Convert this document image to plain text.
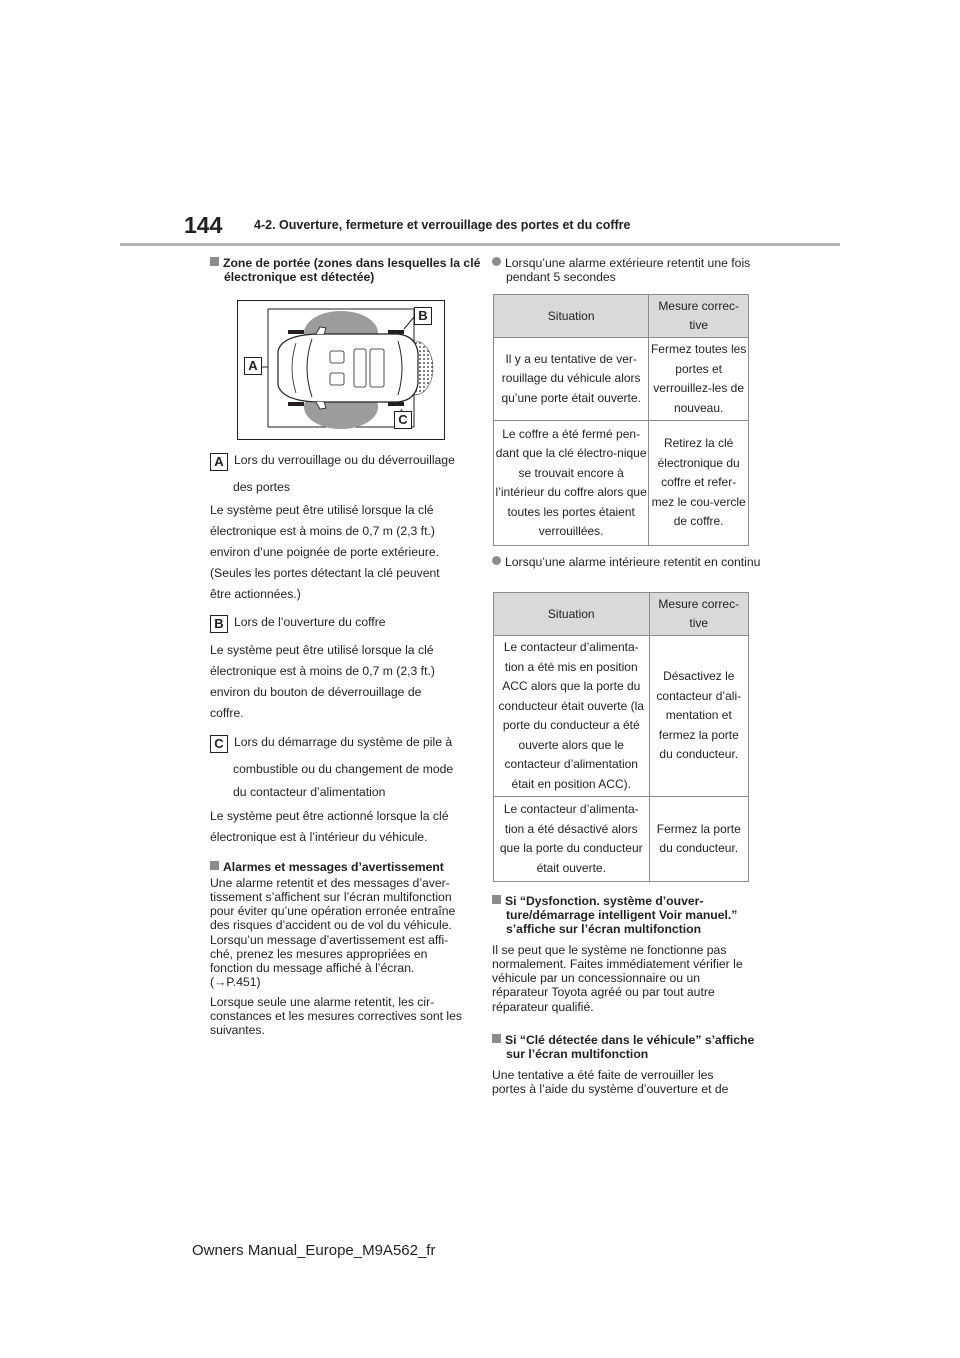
144	4-2. Ouverture, fermeture et verrouillage des portes et du coffre
Zone de portée (zones dans lesquelles la clé électronique est détectée)
A
B
C

A Lors du verrouillage ou du déverrouillage

des portes

Le système peut être utilisé lorsque la clé

électronique est à moins de 0,7 m (2,3 ft.)

environ d’une poignée de porte extérieure.

(Seules les portes détectant la clé peuvent

être actionnées.)

B Lors de l’ouverture du coffre

Le système peut être utilisé lorsque la clé

électronique est à moins de 0,7 m (2,3 ft.)

environ du bouton de déverrouillage de

coffre.

C Lors du démarrage du système de pile à

combustible ou du changement de mode

du contacteur d’alimentation

Le système peut être actionné lorsque la clé

électronique est à l’intérieur du véhicule.

Alarmes et messages d’avertissement
Une alarme retentit et des messages d’aver-tissement s’affichent sur l’écran multifonction pour éviter qu’une opération erronée entraîne des risques d’accident ou de vol du véhicule. Lorsqu’un message d’avertissement est affi-ché, prenez les mesures appropriées en fonction du message affiché à l’écran.
(→P.451)
Lorsque seule une alarme retentit, les cir-constances et les mesures correctives sont les suivantes.
Lorsqu’une alarme extérieure retentit une fois pendant 5 secondes
Situation	Mesure correc-tive
Il y a eu tentative de ver-rouillage du véhicule alors qu’une porte était ouverte.	Fermez toutes les portes et verrouillez-les de nouveau.
Le coffre a été fermé pen-dant que la clé électro-nique se trouvait encore à l’intérieur du coffre alors que toutes les portes étaient verrouillées.	Retirez la clé électronique du coffre et refer-mez le cou-vercle de coffre.
Lorsqu’une alarme intérieure retentit en continu
Situation	Mesure correc-tive
Le contacteur d’alimenta-tion a été mis en position ACC alors que la porte du conducteur était ouverte (la porte du conducteur a été ouverte alors que le contacteur d’alimentation était en position ACC).	Désactivez le contacteur d’ali-mentation et fermez la porte du conducteur.
Le contacteur d’alimenta-tion a été désactivé alors que la porte du conducteur était ouverte.	Fermez la porte du conducteur.
Si “Dysfonction. système d’ouver-ture/démarrage intelligent Voir manuel.” s’affiche sur l’écran multifonction
Il se peut que le système ne fonctionne pas normalement. Faites immédiatement vérifier le véhicule par un concessionnaire ou un réparateur Toyota agréé ou par tout autre réparateur qualifié.
Si “Clé détectée dans le véhicule” s’affiche sur l’écran multifonction
Une tentative a été faite de verrouiller les portes à l’aide du système d’ouverture et de
Owners Manual_Europe_M9A562_fr
